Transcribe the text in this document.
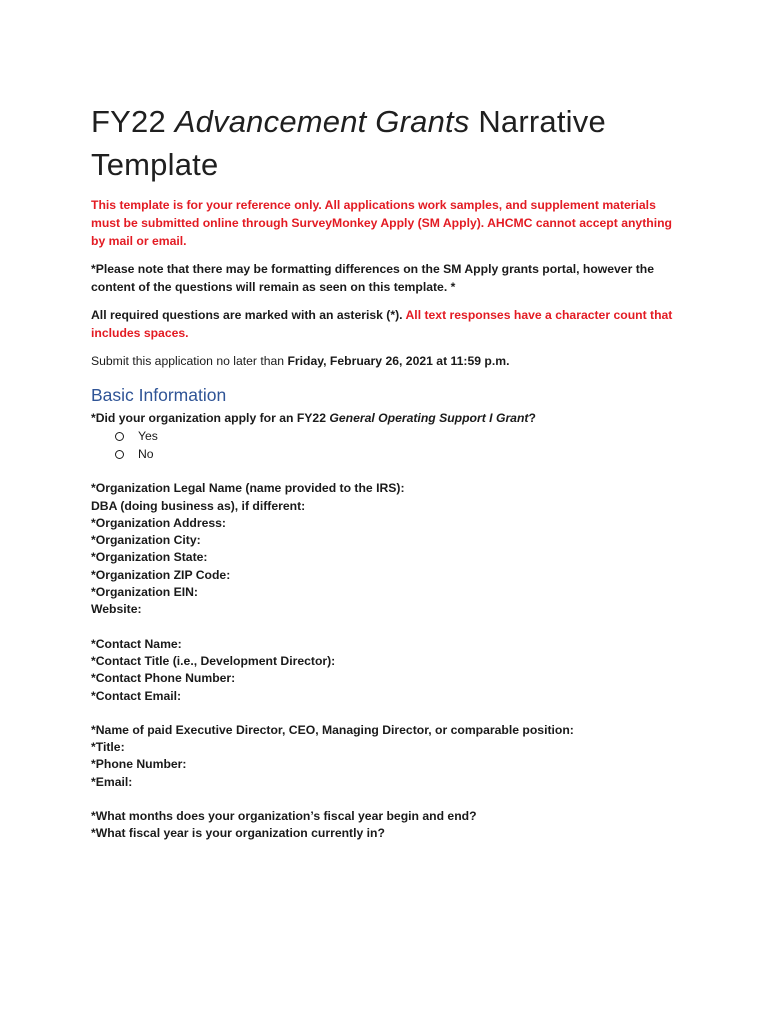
FY22 Advancement Grants Narrative Template

This template is for your reference only. All applications work samples, and supplement materials must be submitted online through SurveyMonkey Apply (SM Apply). AHCMC cannot accept anything by mail or email.

*Please note that there may be formatting differences on the SM Apply grants portal, however the content of the questions will remain as seen on this template. *

All required questions are marked with an asterisk (*). All text responses have a character count that includes spaces.

Submit this application no later than Friday, February 26, 2021 at 11:59 p.m.

Basic Information
*Did your organization apply for an FY22 General Operating Support I Grant?
Yes
No
*Organization Legal Name (name provided to the IRS):
DBA (doing business as), if different:
*Organization Address:
*Organization City:
*Organization State:
*Organization ZIP Code:
*Organization EIN:
Website:
*Contact Name:
*Contact Title (i.e., Development Director):
*Contact Phone Number:
*Contact Email:
*Name of paid Executive Director, CEO, Managing Director, or comparable position:
*Title:
*Phone Number:
*Email:
*What months does your organization’s fiscal year begin and end?
*What fiscal year is your organization currently in?
